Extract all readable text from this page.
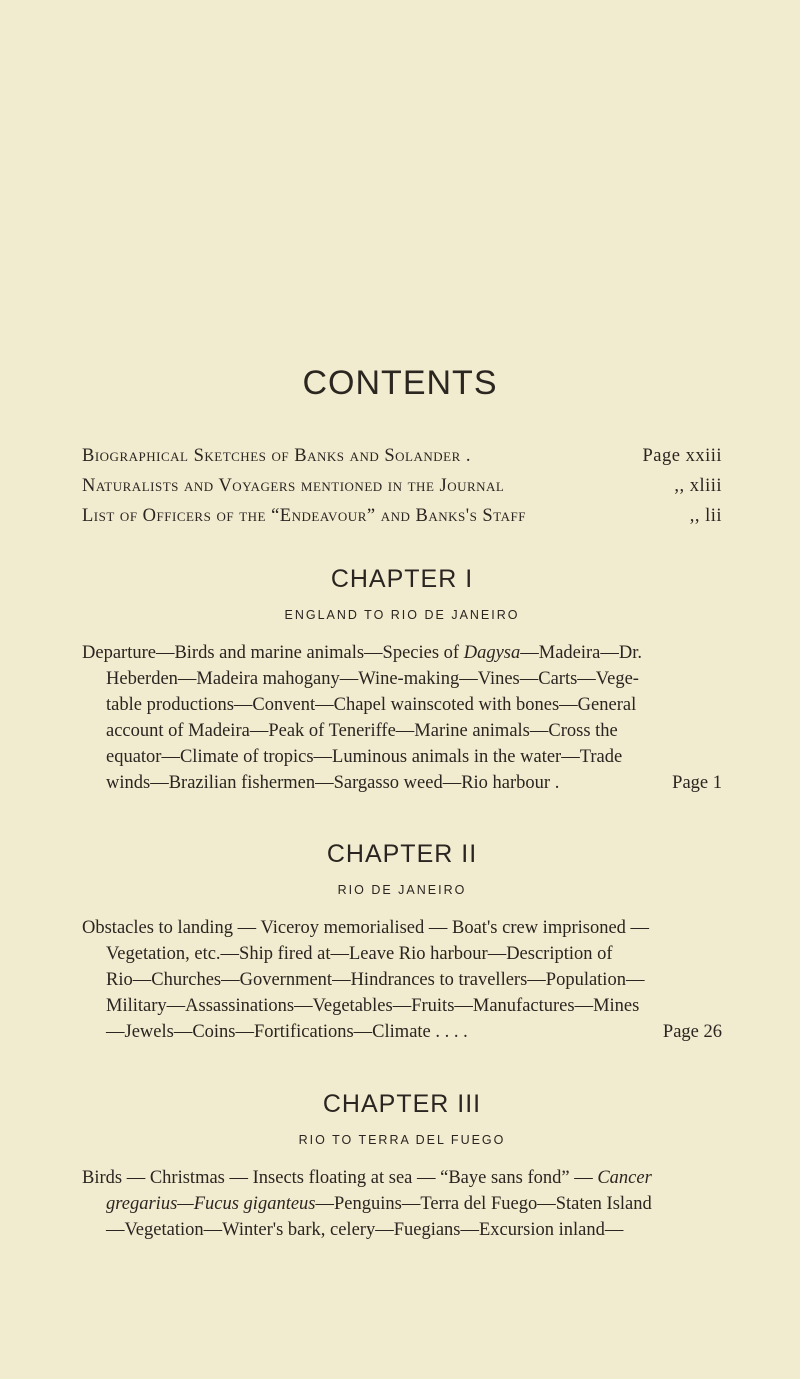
CONTENTS
Biographical Sketches of Banks and Solander .	Page xxiii
Naturalists and Voyagers mentioned in the Journal	,, xliii
List of Officers of the “Endeavour” and Banks's Staff	,, lii
CHAPTER I
ENGLAND TO RIO DE JANEIRO
Departure—Birds and marine animals—Species of Dagysa—Madeira—Dr.
Heberden—Madeira mahogany—Wine-making—Vines—Carts—Vege-
table productions—Convent—Chapel wainscoted with bones—General
account of Madeira—Peak of Teneriffe—Marine animals—Cross the
equator—Climate of tropics—Luminous animals in the water—Trade
winds—Brazilian fishermen—Sargasso weed—Rio harbour .	Page 1
CHAPTER II
RIO DE JANEIRO
Obstacles to landing — Viceroy memorialised — Boat's crew imprisoned —
Vegetation, etc.—Ship fired at—Leave Rio harbour—Description of
Rio—Churches—Government—Hindrances to travellers—Population—
Military—Assassinations—Vegetables—Fruits—Manufactures—Mines
—Jewels—Coins—Fortifications—Climate . . . .	Page 26
CHAPTER III
RIO TO TERRA DEL FUEGO
Birds — Christmas — Insects floating at sea — “Baye sans fond” — Cancer
gregarius—Fucus giganteus—Penguins—Terra del Fuego—Staten Island
—Vegetation—Winter's bark, celery—Fuegians—Excursion inland—
